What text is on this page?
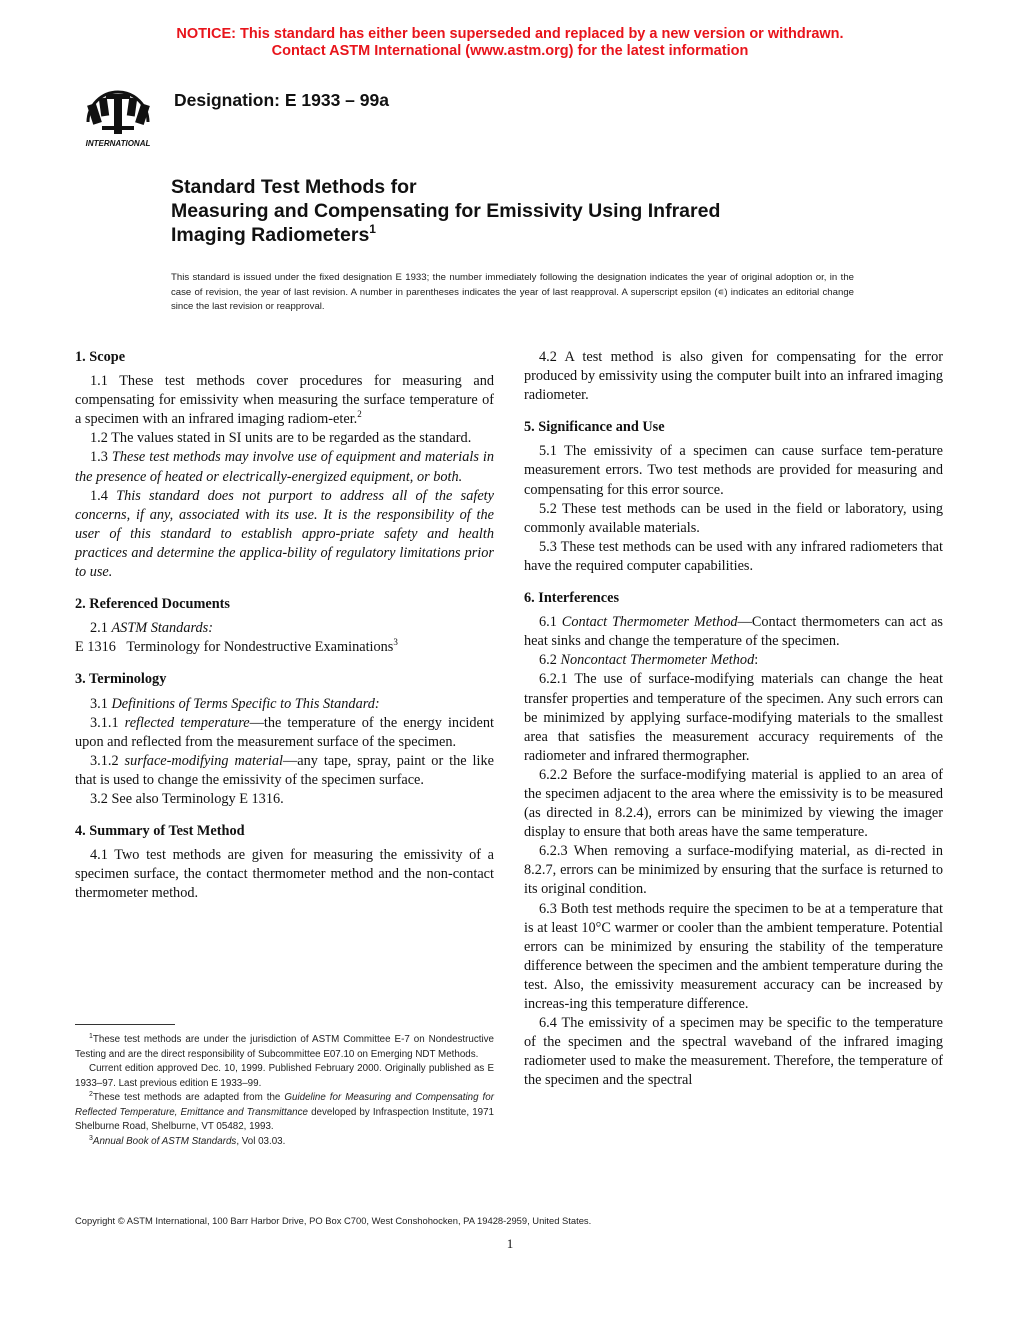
NOTICE: This standard has either been superseded and replaced by a new version or withdrawn.
Contact ASTM International (www.astm.org) for the latest information
INTERNATIONAL
Designation: E 1933 – 99a
Standard Test Methods for
Measuring and Compensating for Emissivity Using Infrared
Imaging Radiometers$^1$
This standard is issued under the fixed designation E 1933; the number immediately following the designation indicates the year of original adoption or, in the case of revision, the year of last revision. A number in parentheses indicates the year of last reapproval. A superscript epsilon (∊) indicates an editorial change since the last revision or reapproval.
1. Scope

1.1 These test methods cover procedures for measuring and compensating for emissivity when measuring the surface temperature of a specimen with an infrared imaging radiom-eter.$^2$

1.2 The values stated in SI units are to be regarded as the standard.

1.3 These test methods may involve use of equipment and materials in the presence of heated or electrically-energized equipment, or both.

1.4 This standard does not purport to address all of the safety concerns, if any, associated with its use. It is the responsibility of the user of this standard to establish appro-priate safety and health practices and determine the applica-bility of regulatory limitations prior to use.

2. Referenced Documents

2.1 ASTM Standards:

E 1316   Terminology for Nondestructive Examinations$^3$

3. Terminology

3.1 Definitions of Terms Specific to This Standard:

3.1.1 reflected temperature—the temperature of the energy incident upon and reflected from the measurement surface of the specimen.

3.1.2 surface-modifying material—any tape, spray, paint or the like that is used to change the emissivity of the specimen surface.

3.2 See also Terminology E 1316.

4. Summary of Test Method

4.1 Two test methods are given for measuring the emissivity of a specimen surface, the contact thermometer method and the non-contact thermometer method.

4.2 A test method is also given for compensating for the error produced by emissivity using the computer built into an infrared imaging radiometer.

5. Significance and Use

5.1 The emissivity of a specimen can cause surface tem-perature measurement errors. Two test methods are provided for measuring and compensating for this error source.

5.2 These test methods can be used in the field or laboratory, using commonly available materials.

5.3 These test methods can be used with any infrared radiometers that have the required computer capabilities.

6. Interferences

6.1 Contact Thermometer Method—Contact thermometers can act as heat sinks and change the temperature of the specimen.

6.2 Noncontact Thermometer Method:

6.2.1 The use of surface-modifying materials can change the heat transfer properties and temperature of the specimen. Any such errors can be minimized by applying surface-modifying materials to the smallest area that satisfies the measurement accuracy requirements of the radiometer and infrared thermographer.

6.2.2 Before the surface-modifying material is applied to an area of the specimen adjacent to the area where the emissivity is to be measured (as directed in 8.2.4), errors can be minimized by viewing the imager display to ensure that both areas have the same temperature.

6.2.3 When removing a surface-modifying material, as di-rected in 8.2.7, errors can be minimized by ensuring that the surface is returned to its original condition.

6.3 Both test methods require the specimen to be at a temperature that is at least 10°C warmer or cooler than the ambient temperature. Potential errors can be minimized by ensuring the stability of the temperature difference between the specimen and the ambient temperature during the test. Also, the emissivity measurement accuracy can be increased by increas-ing this temperature difference.

6.4 The emissivity of a specimen may be specific to the temperature of the specimen and the spectral waveband of the infrared imaging radiometer used to make the measurement. Therefore, the temperature of the specimen and the spectral

$^1$These test methods are under the jurisdiction of ASTM Committee E-7 on Nondestructive Testing and are the direct responsibility of Subcommittee E07.10 on Emerging NDT Methods.

Current edition approved Dec. 10, 1999. Published February 2000. Originally published as E 1933–97. Last previous edition E 1933–99.

$^2$These test methods are adapted from the Guideline for Measuring and Compensating for Reflected Temperature, Emittance and Transmittance developed by Infraspection Institute, 1971 Shelburne Road, Shelburne, VT 05482, 1993.

$^3$Annual Book of ASTM Standards, Vol 03.03.

Copyright © ASTM International, 100 Barr Harbor Drive, PO Box C700, West Conshohocken, PA 19428-2959, United States.
1
